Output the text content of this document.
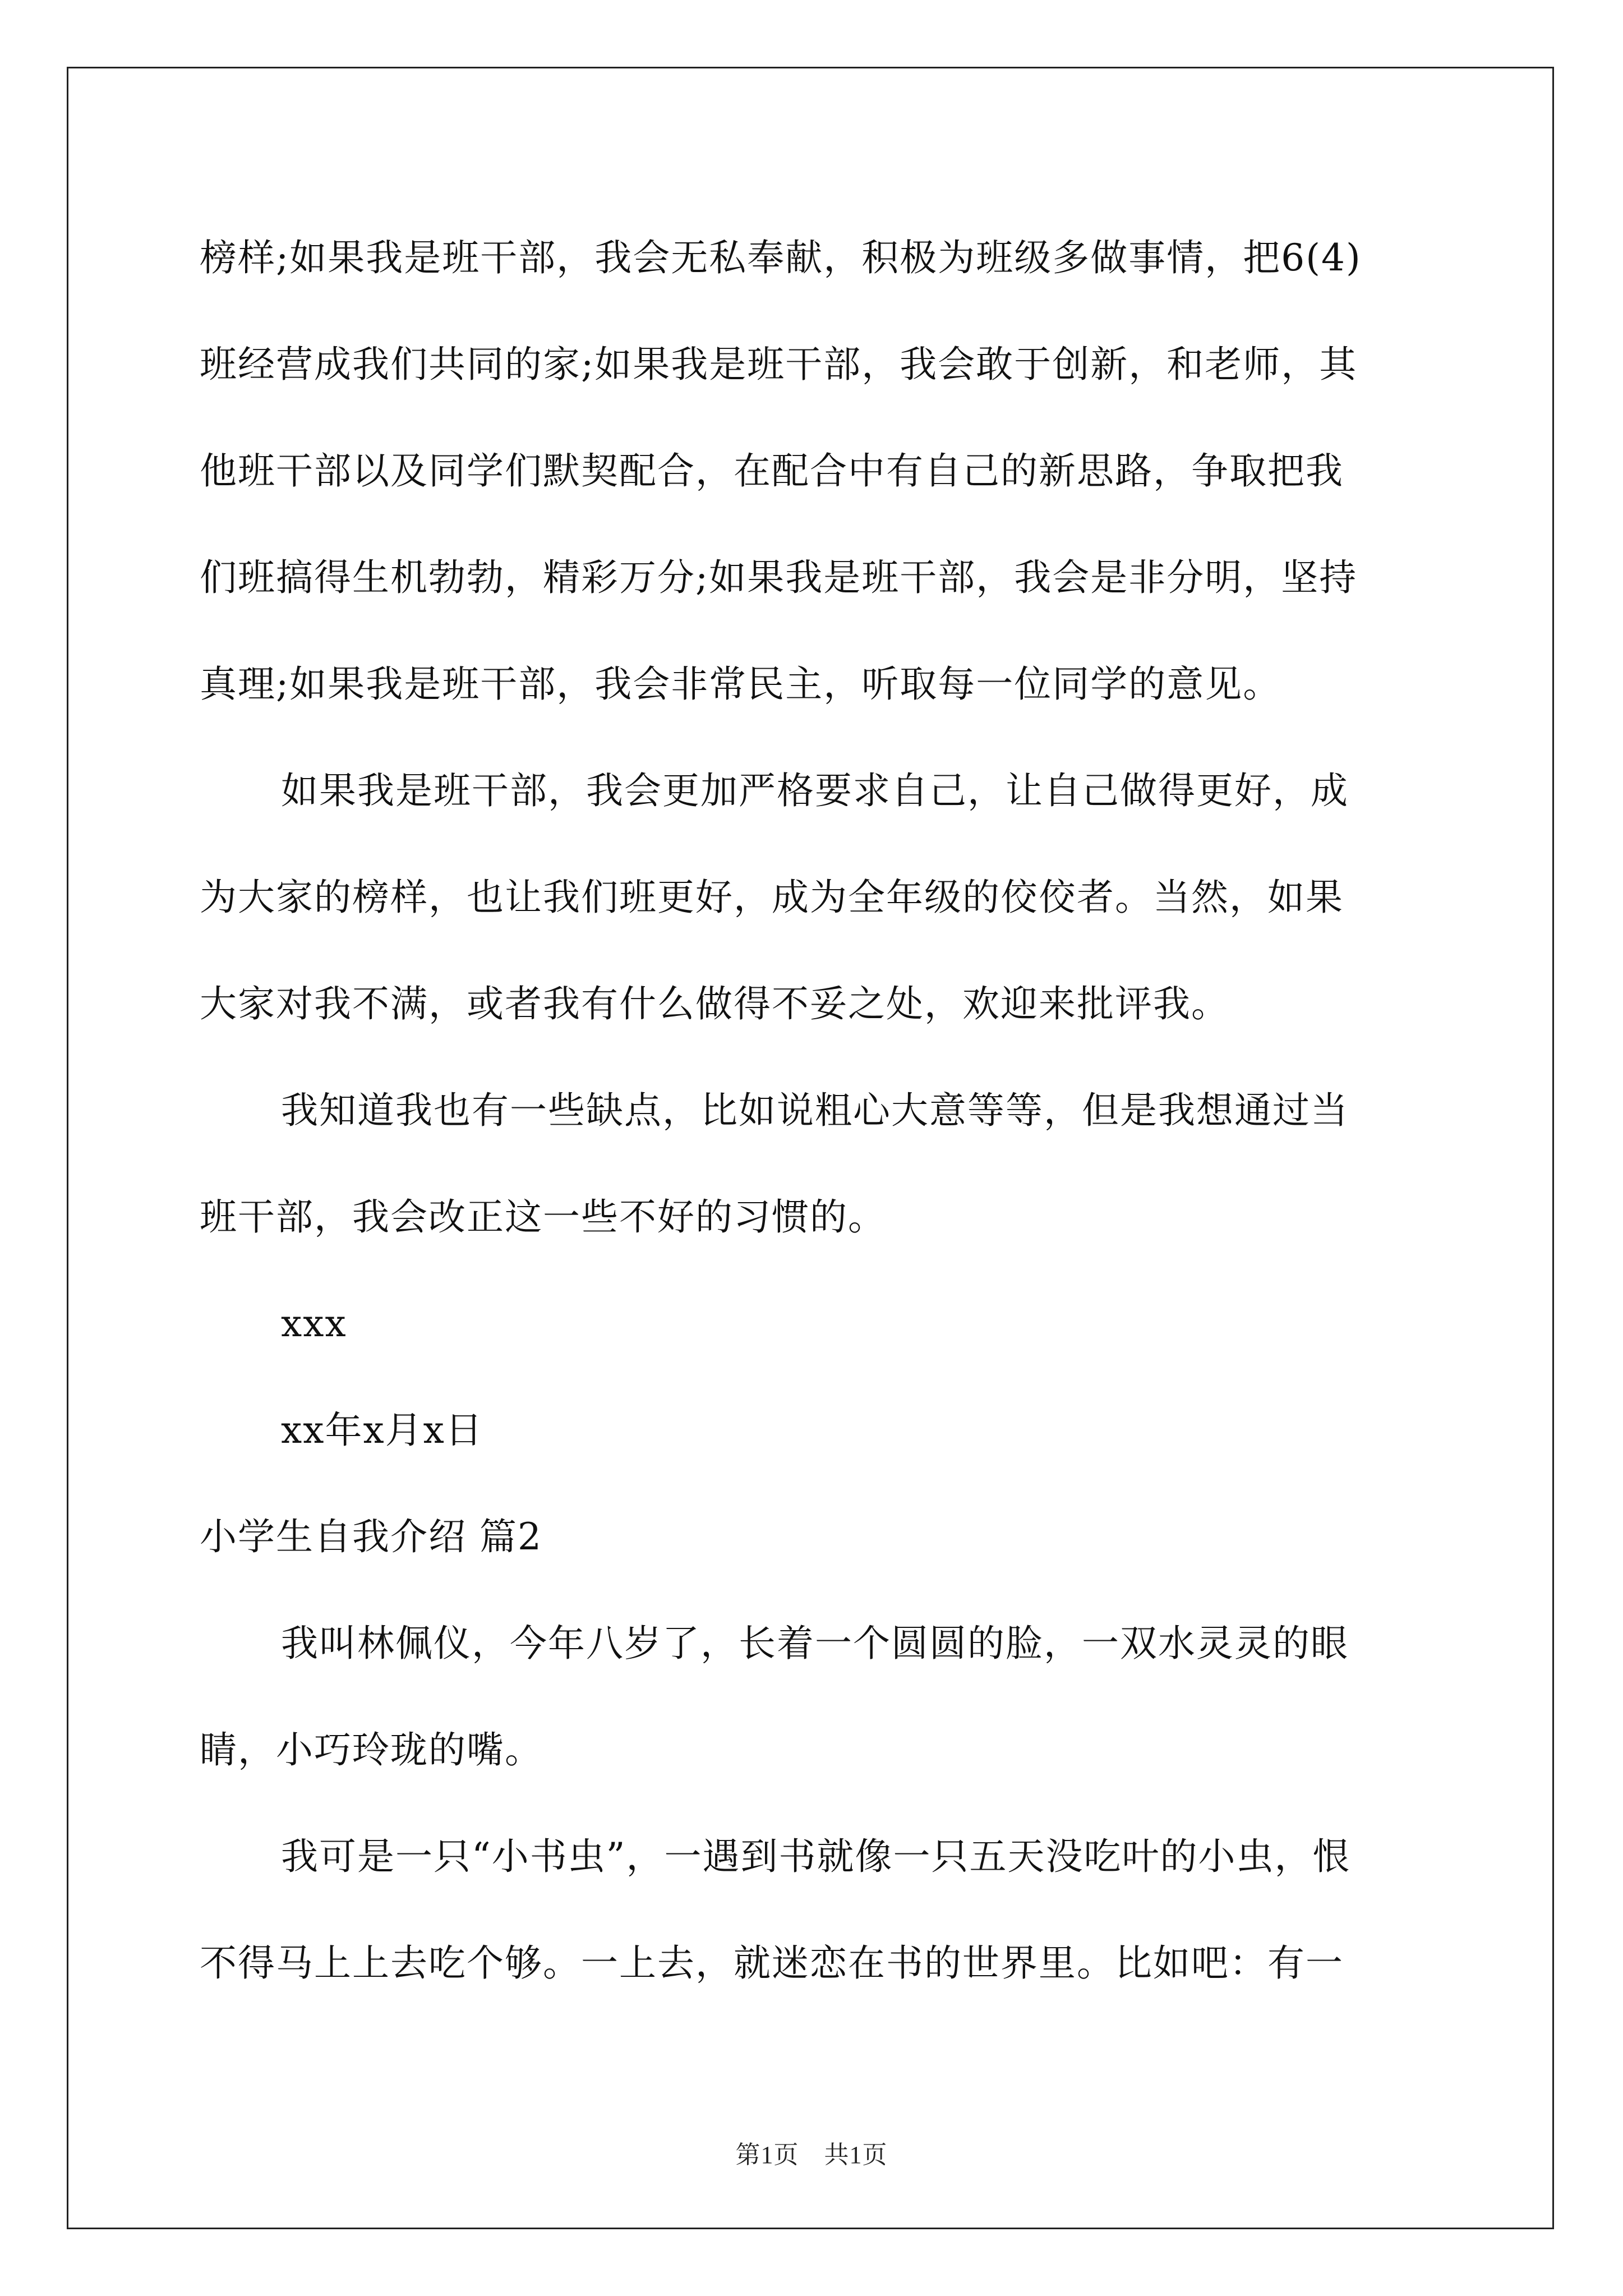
榜样;如果我是班干部，我会无私奉献，积极为班级多做事情，把6(4)
班经营成我们共同的家;如果我是班干部，我会敢于创新，和老师，其
他班干部以及同学们默契配合，在配合中有自己的新思路，争取把我
们班搞得生机勃勃，精彩万分;如果我是班干部，我会是非分明，坚持
真理;如果我是班干部，我会非常民主，听取每一位同学的意见。
如果我是班干部，我会更加严格要求自己，让自己做得更好，成
为大家的榜样，也让我们班更好，成为全年级的佼佼者。当然，如果
大家对我不满，或者我有什么做得不妥之处，欢迎来批评我。
我知道我也有一些缺点，比如说粗心大意等等，但是我想通过当
班干部，我会改正这一些不好的习惯的。
xxx
xx年x月x日
小学生自我介绍 篇2
我叫林佩仪，今年八岁了，长着一个圆圆的脸，一双水灵灵的眼
睛，小巧玲珑的嘴。
我可是一只“小书虫”，一遇到书就像一只五天没吃叶的小虫，恨
不得马上上去吃个够。一上去，就迷恋在书的世界里。比如吧：有一
第1页　共1页
